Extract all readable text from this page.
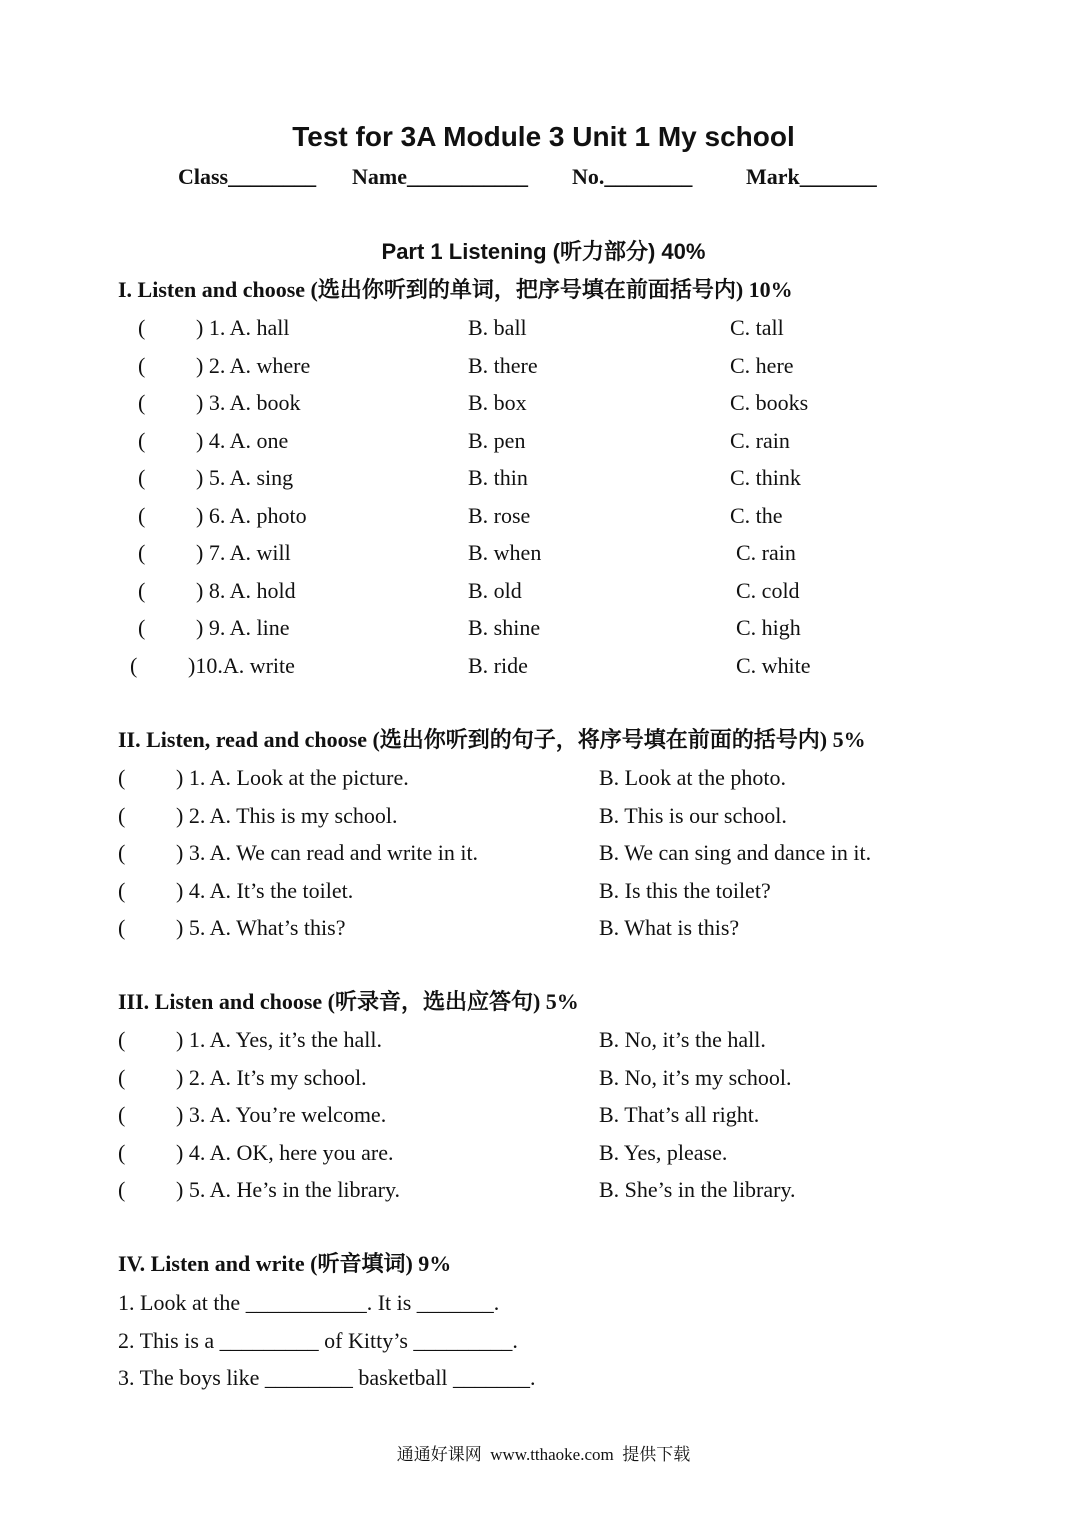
Test for 3A Module 3 Unit 1 My school
Class________ Name___________ No.________ Mark_______
Part 1 Listening (听力部分) 40%
I. Listen and choose (选出你听到的单词，把序号填在前面括号内) 10%
( ) 1. A. hall	B. ball	C. tall
( ) 2. A. where	B. there	C. here
( ) 3. A. book	B. box	C. books
( ) 4. A. one	B. pen	C. rain
( ) 5. A. sing	B. thin	C. think
( ) 6. A. photo	B. rose	C. the
( ) 7. A. will	B. when	C. rain
( ) 8. A. hold	B. old	C. cold
( ) 9. A. line	B. shine	C. high
( )10.A. write	B. ride	C. white
II. Listen, read and choose (选出你听到的句子，将序号填在前面的括号内) 5%
( ) 1. A. Look at the picture.	B. Look at the photo.
( ) 2. A. This is my school.	B. This is our school.
( ) 3. A. We can read and write in it.	B. We can sing and dance in it.
( ) 4. A. It’s the toilet.	B. Is this the toilet?
( ) 5. A. What’s this?	B. What is this?
III. Listen and choose (听录音，选出应答句) 5%
( ) 1. A. Yes, it’s the hall.	B. No, it’s the hall.
( ) 2. A. It’s my school.	B. No, it’s my school.
( ) 3. A. You’re welcome.	B. That’s all right.
( ) 4. A. OK, here you are.	B. Yes, please.
( ) 5. A. He’s in the library.	B. She’s in the library.
IV. Listen and write (听音填词) 9%
1. Look at the ___________. It is _______.
2. This is a _________ of Kitty’s _________.
3. The boys like ________ basketball _______.
通通好课网  www.tthaoke.com  提供下载
